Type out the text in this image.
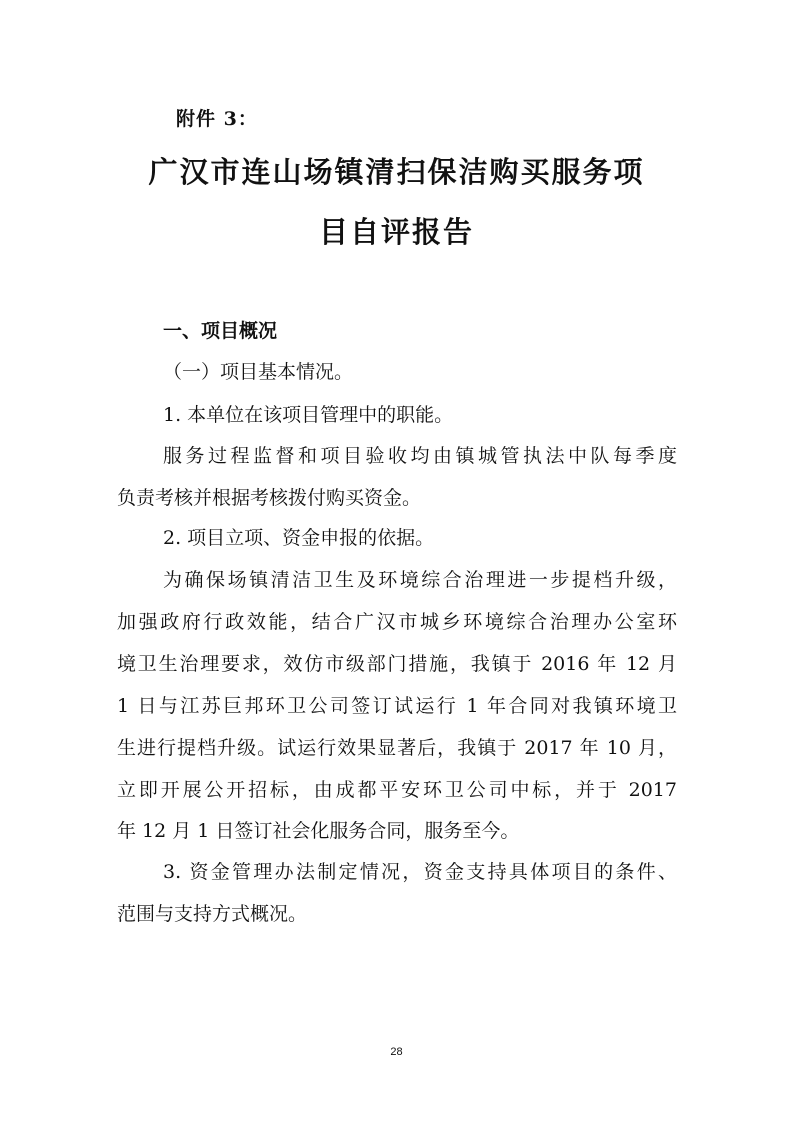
附件 3：
广汉市连山场镇清扫保洁购买服务项
目自评报告
一、项目概况
（一）项目基本情况。
1. 本单位在该项目管理中的职能。
服务过程监督和项目验收均由镇城管执法中队每季度
负责考核并根据考核拨付购买资金。
2. 项目立项、资金申报的依据。
为确保场镇清洁卫生及环境综合治理进一步提档升级，
加强政府行政效能，结合广汉市城乡环境综合治理办公室环
境卫生治理要求，效仿市级部门措施，我镇于 2016 年 12 月
1 日与江苏巨邦环卫公司签订试运行 1 年合同对我镇环境卫
生进行提档升级。试运行效果显著后，我镇于 2017 年 10 月，
立即开展公开招标，由成都平安环卫公司中标，并于 2017
年 12 月 1 日签订社会化服务合同，服务至今。
3. 资金管理办法制定情况，资金支持具体项目的条件、
范围与支持方式概况。
28
